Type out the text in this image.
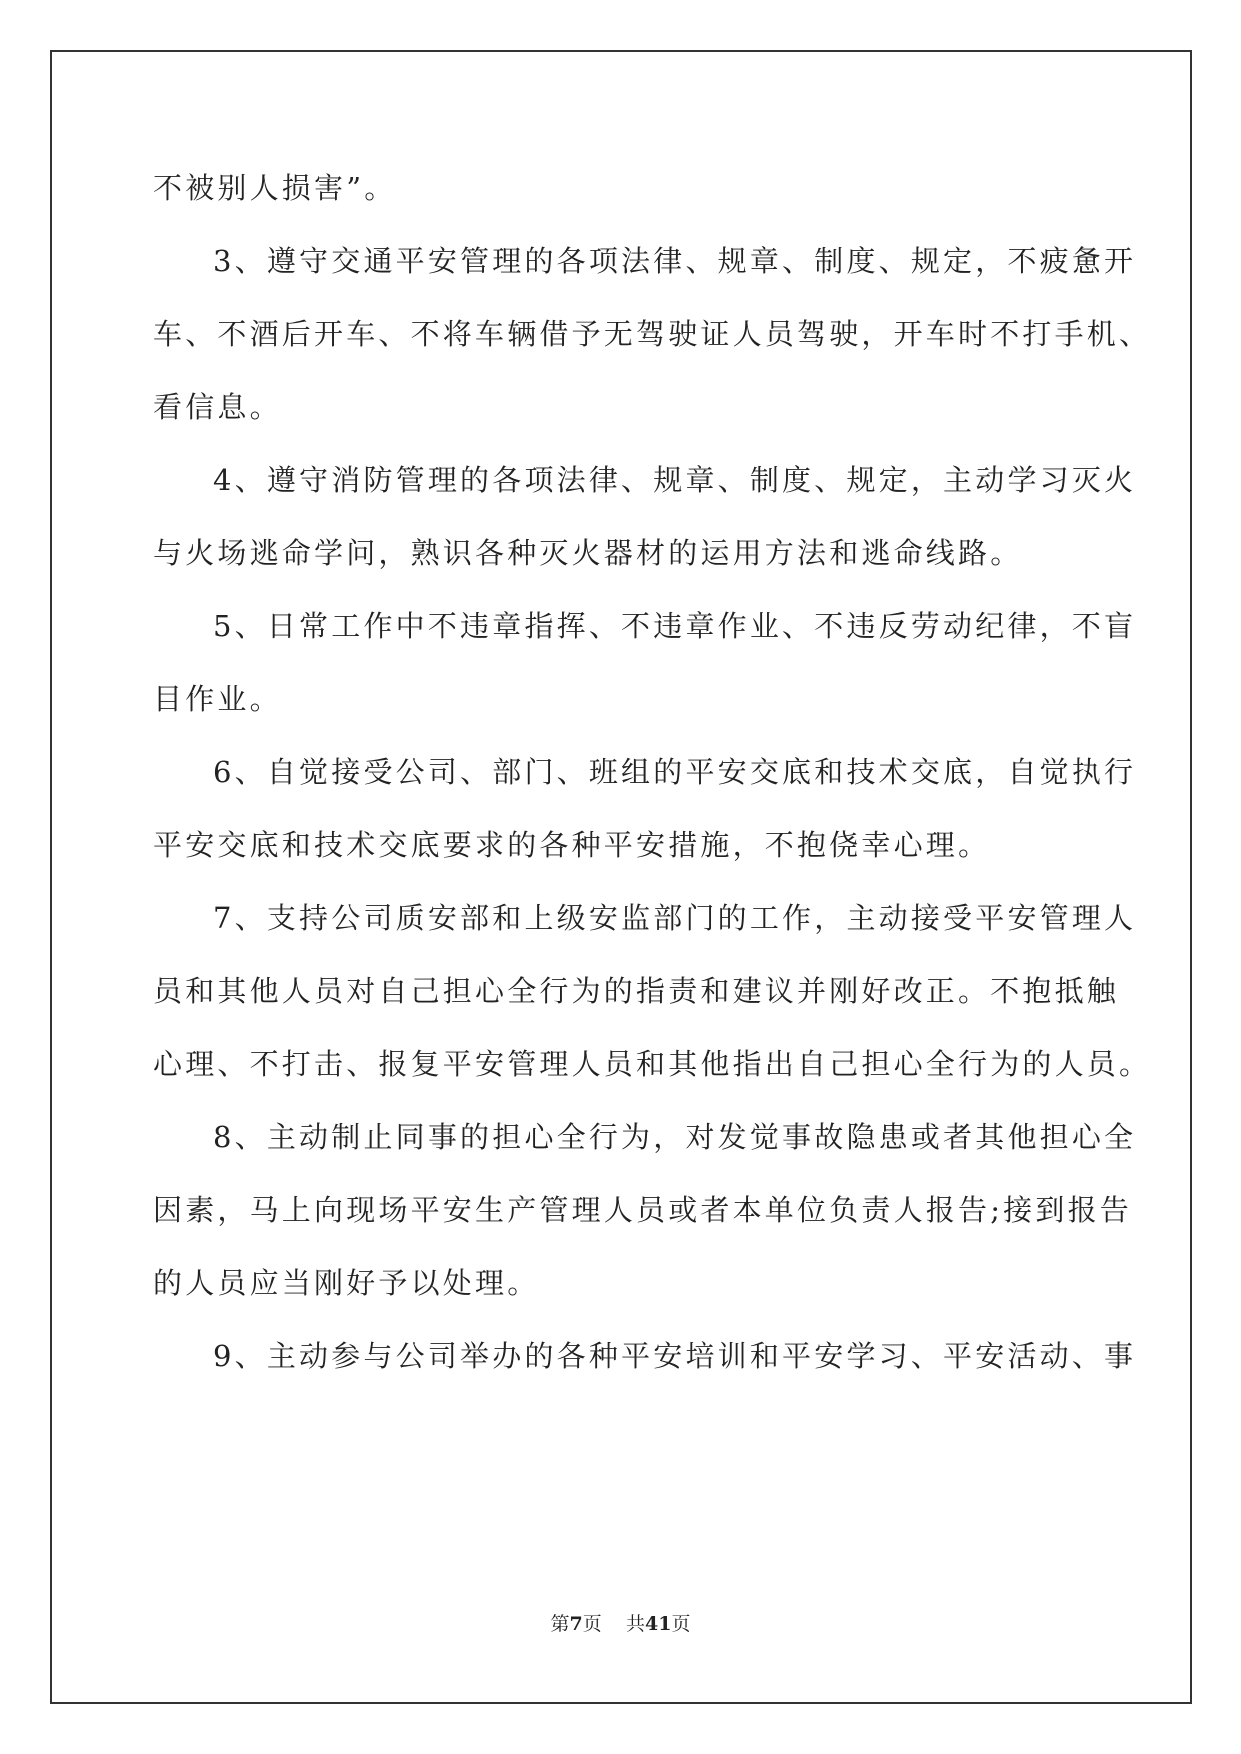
不被别人损害”。
3、遵守交通平安管理的各项法律、规章、制度、规定，不疲惫开
车、不酒后开车、不将车辆借予无驾驶证人员驾驶，开车时不打手机、
看信息。
4、遵守消防管理的各项法律、规章、制度、规定，主动学习灭火
与火场逃命学问，熟识各种灭火器材的运用方法和逃命线路。
5、日常工作中不违章指挥、不违章作业、不违反劳动纪律，不盲
目作业。
6、自觉接受公司、部门、班组的平安交底和技术交底，自觉执行
平安交底和技术交底要求的各种平安措施，不抱侥幸心理。
7、支持公司质安部和上级安监部门的工作，主动接受平安管理人
员和其他人员对自己担心全行为的指责和建议并刚好改正。不抱抵触
心理、不打击、报复平安管理人员和其他指出自己担心全行为的人员。
8、主动制止同事的担心全行为，对发觉事故隐患或者其他担心全
因素，马上向现场平安生产管理人员或者本单位负责人报告;接到报告
的人员应当刚好予以处理。
9、主动参与公司举办的各种平安培训和平安学习、平安活动、事
第7页 共41页
